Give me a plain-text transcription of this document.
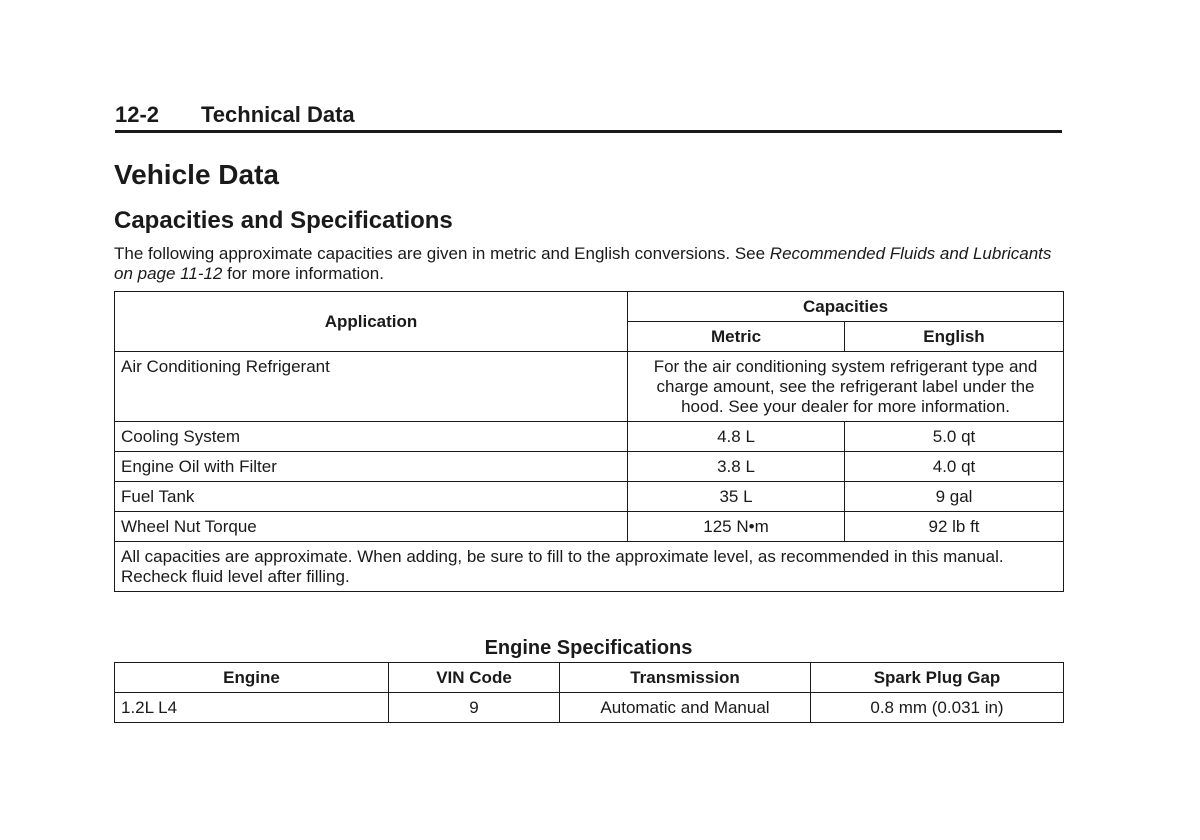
12-2 Technical Data
Vehicle Data
Capacities and Specifications

The following approximate capacities are given in metric and English conversions. See Recommended Fluids and Lubricants on page 11-12 for more information.

Application	Capacities	
	Metric	English
Air Conditioning Refrigerant	For the air conditioning system refrigerant type and charge amount, see the refrigerant label under the hood. See your dealer for more information.	
Cooling System	4.8 L	5.0 qt
Engine Oil with Filter	3.8 L	4.0 qt
Fuel Tank	35 L	9 gal
Wheel Nut Torque	125 N•m	92 lb ft
All capacities are approximate. When adding, be sure to fill to the approximate level, as recommended in this manual. Recheck fluid level after filling.		

Engine Specifications

Engine	VIN Code	Transmission	Spark Plug Gap
1.2L L4	9	Automatic and Manual	0.8 mm (0.031 in)
